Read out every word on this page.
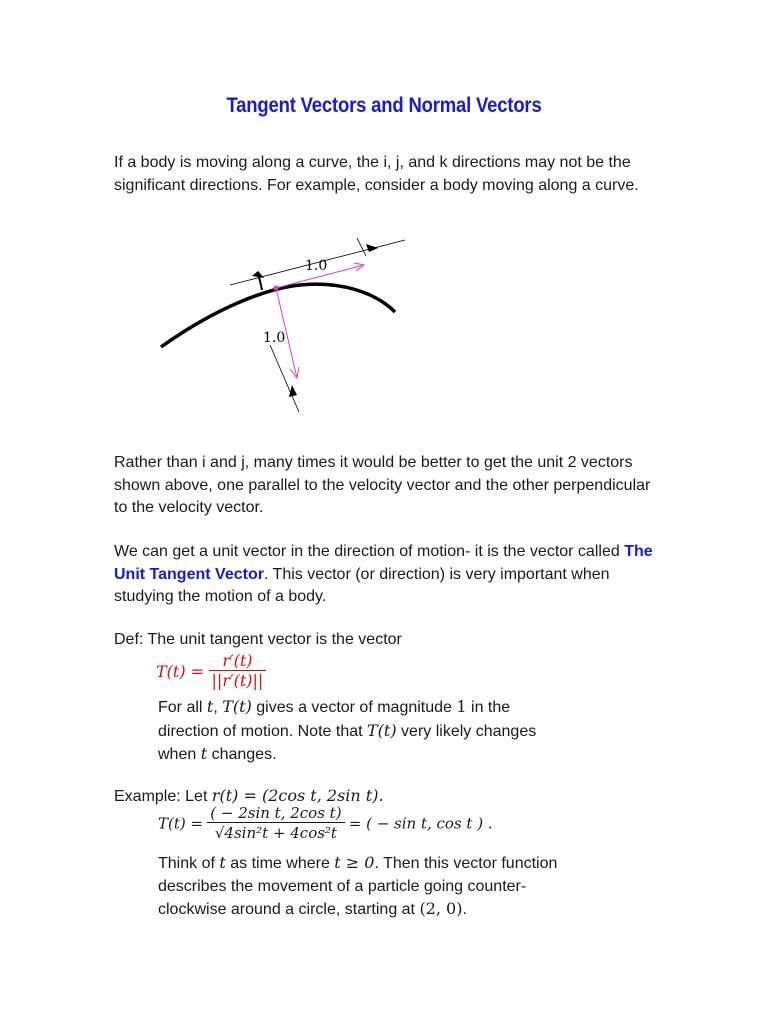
Tangent Vectors and Normal Vectors
If a body is moving along a curve, the i, j, and k directions may not be the significant directions. For example, consider a body moving along a curve.
1.0
1.0
Rather than i and j, many times it would be better to get the unit 2 vectors shown above, one parallel to the velocity vector and the other perpendicular to the velocity vector.
We can get a unit vector in the direction of motion- it is the vector called The Unit Tangent Vector. This vector (or direction) is very important when studying the motion of a body.
Def: The unit tangent vector is the vector
$T(t) = \frac{r'(t)}{||r'(t)||}$
For all t, T(t) gives a vector of magnitude 1 in the direction of motion. Note that T(t) very likely changes when t changes.
Example: Let r(t) = (2cos t, 2sin t).
$T(t) = \frac{\text{( − 2sin t, 2cos t)}}{\text{√4sin²t + 4cos²t}}$ = ( − sin t, cos t ) .
Think of t as time where t ≥ 0. Then this vector function describes the movement of a particle going counter-clockwise around a circle, starting at (2, 0).
